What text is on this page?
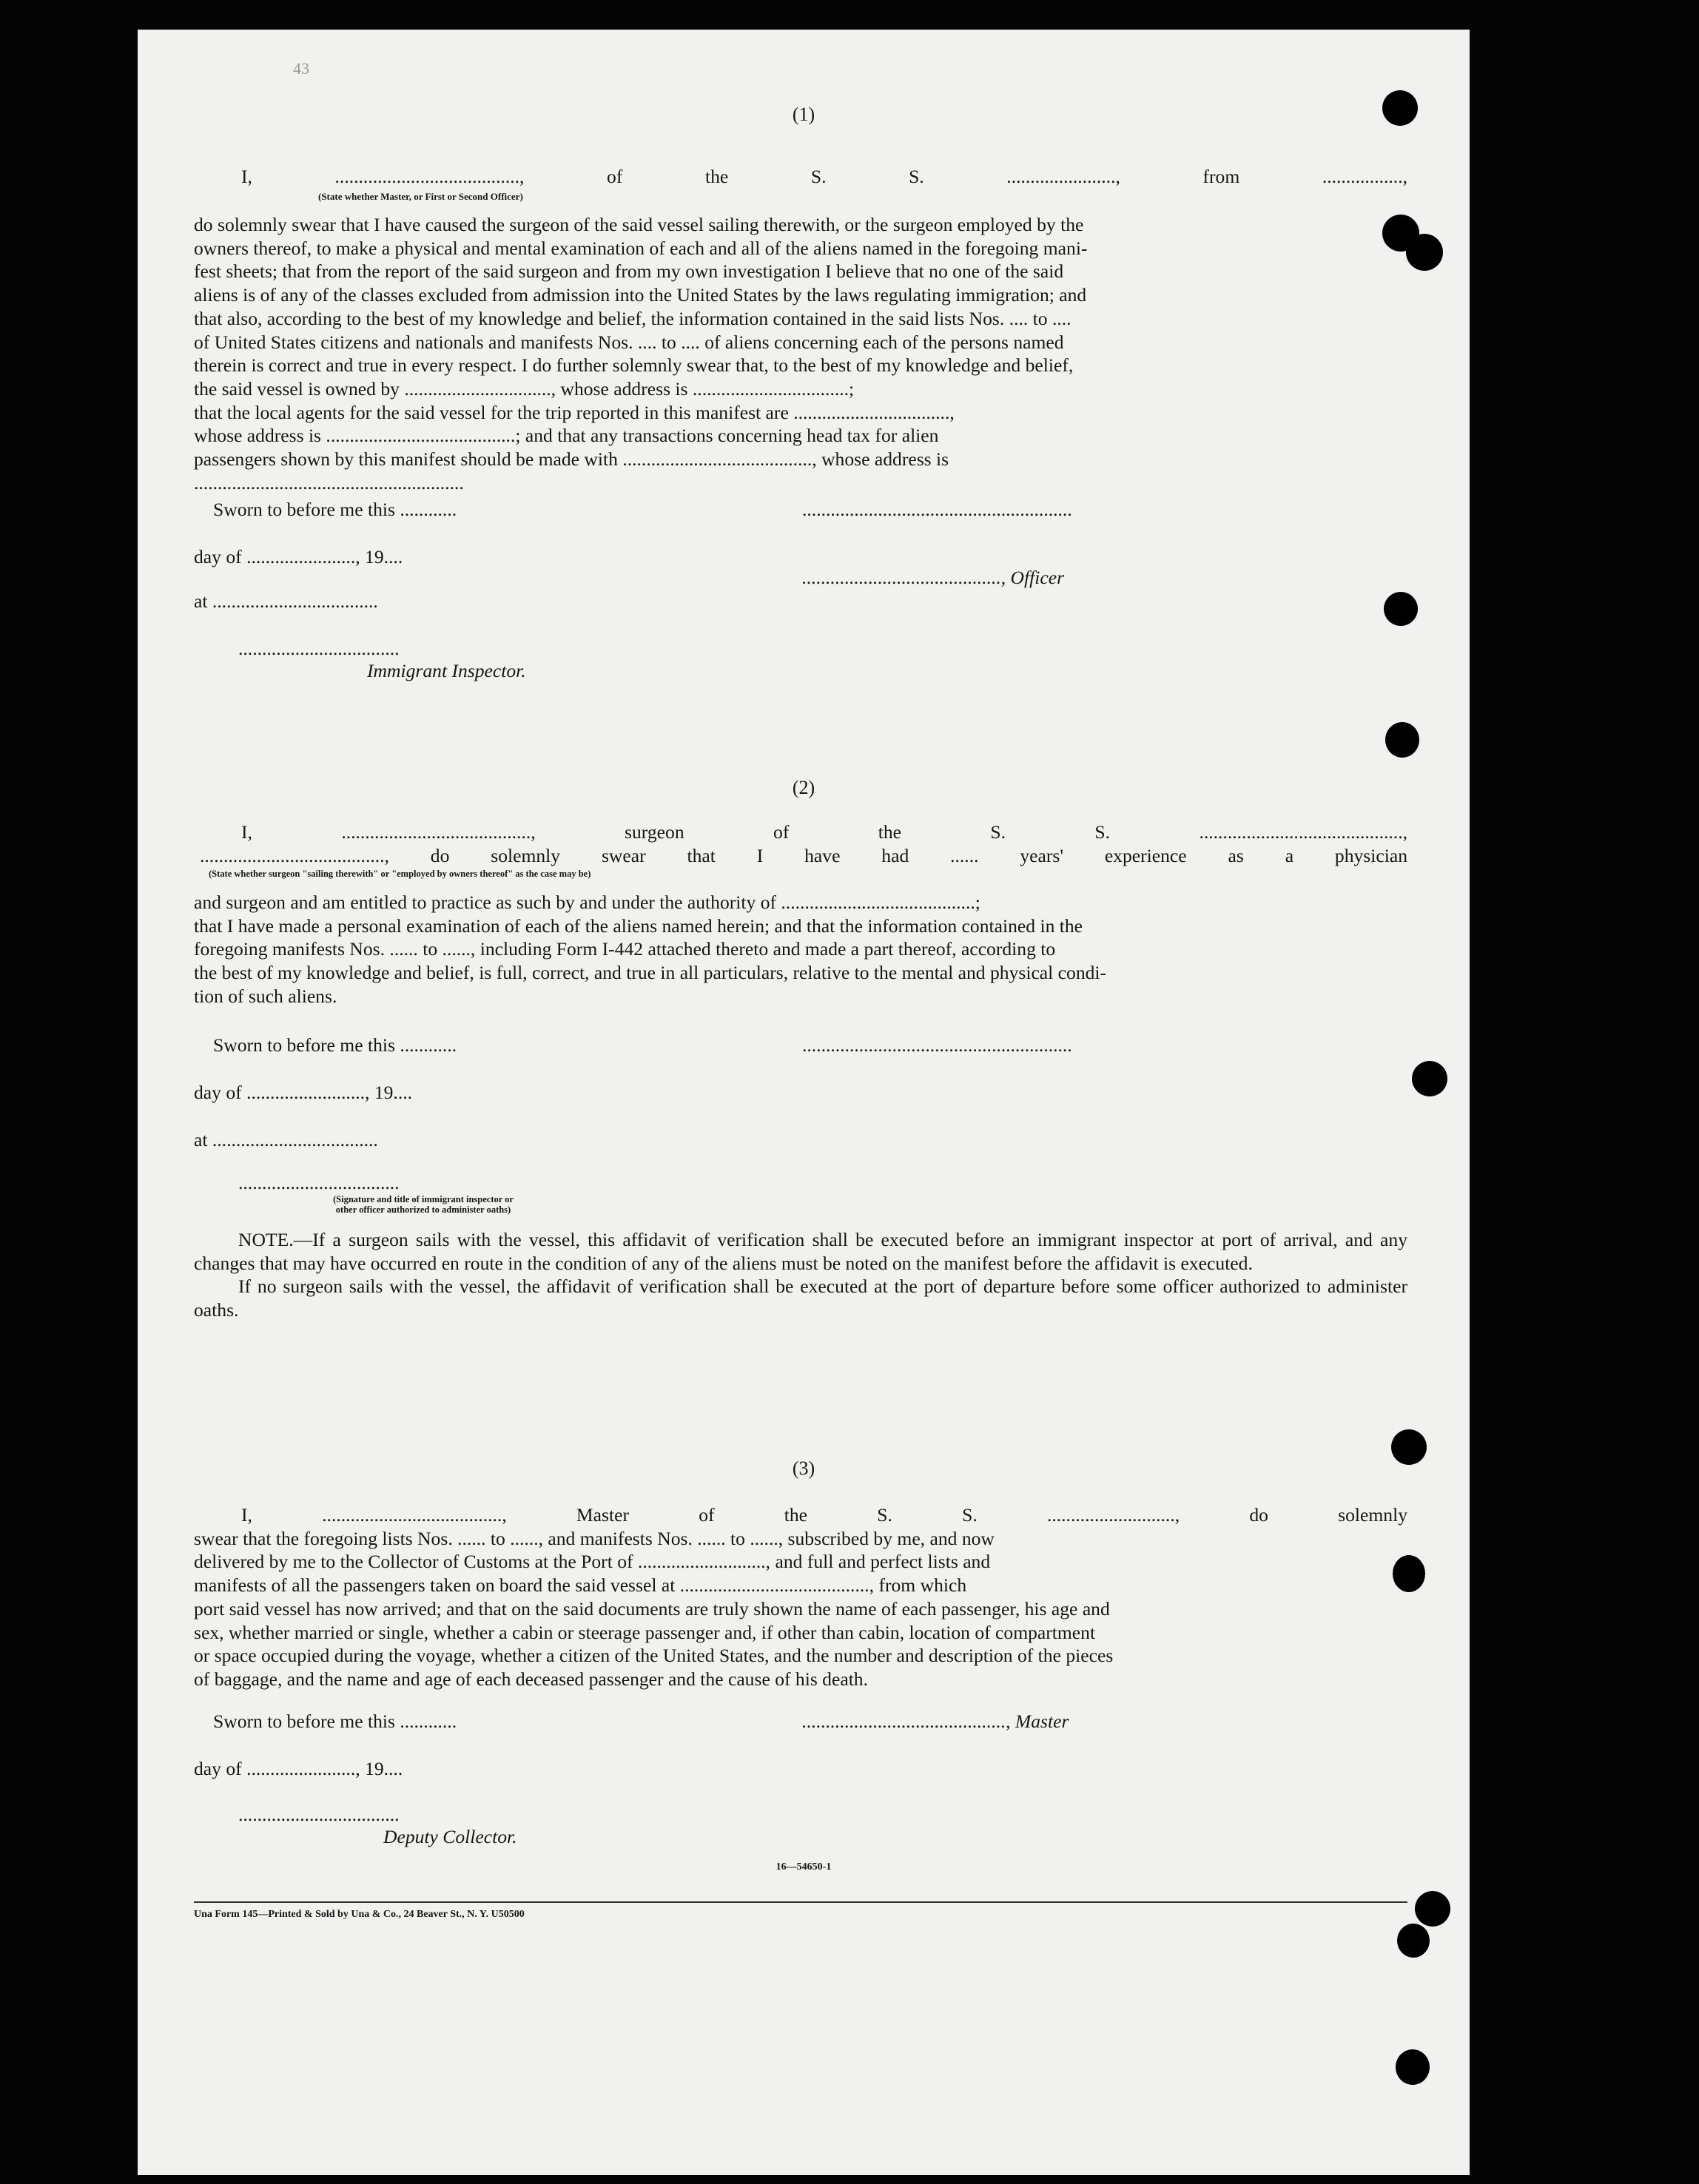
43
(1)
I, ......................................., of the S. S. ......................., from .................,
(State whether Master, or First or Second Officer)
do solemnly swear that I have caused the surgeon of the said vessel sailing therewith, or the surgeon employed by the
owners thereof, to make a physical and mental examination of each and all of the aliens named in the foregoing mani-
fest sheets; that from the report of the said surgeon and from my own investigation I believe that no one of the said
aliens is of any of the classes excluded from admission into the United States by the laws regulating immigration; and
that also, according to the best of my knowledge and belief, the information contained in the said lists Nos. .... to ....
of United States citizens and nationals and manifests Nos. .... to .... of aliens concerning each of the persons named
therein is correct and true in every respect. I do further solemnly swear that, to the best of my knowledge and belief,
the said vessel is owned by ..............................., whose address is .................................;
that the local agents for the said vessel for the trip reported in this manifest are .................................,
whose address is ........................................; and that any transactions concerning head tax for alien
passengers shown by this manifest should be made with ........................................, whose address is
.........................................................
Sworn to before me this ............	.........................................................
day of ......................., 19....
.........................................., Officer
at ...................................
..................................
Immigrant Inspector.
(2)
I, ........................................, surgeon of the S. S. ...........................................,
......................................., do solemnly swear that I have had ...... years' experience as a physician
(State whether surgeon "sailing therewith" or "employed by owners thereof" as the case may be)
and surgeon and am entitled to practice as such by and under the authority of .........................................;
that I have made a personal examination of each of the aliens named herein; and that the information contained in the
foregoing manifests Nos. ...... to ......, including Form I-442 attached thereto and made a part thereof, according to
the best of my knowledge and belief, is full, correct, and true in all particulars, relative to the mental and physical condi-
tion of such aliens.
Sworn to before me this ............	.........................................................
day of ........................., 19....
at ...................................
..................................
(Signature and title of immigrant inspector or
other officer authorized to administer oaths)

NOTE.—If a surgeon sails with the vessel, this affidavit of verification shall be executed before an immigrant inspector at port of arrival, and any changes that may have occurred en route in the condition of any of the aliens must be noted on the manifest before the affidavit is executed.

If no surgeon sails with the vessel, the affidavit of verification shall be executed at the port of departure before some officer authorized to administer oaths.

(3)
I, ......................................, Master of the S. S. ..........................., do solemnly
swear that the foregoing lists Nos. ...... to ......, and manifests Nos. ...... to ......, subscribed by me, and now
delivered by me to the Collector of Customs at the Port of ..........................., and full and perfect lists and
manifests of all the passengers taken on board the said vessel at ........................................, from which
port said vessel has now arrived; and that on the said documents are truly shown the name of each passenger, his age and
sex, whether married or single, whether a cabin or steerage passenger and, if other than cabin, location of compartment
or space occupied during the voyage, whether a citizen of the United States, and the number and description of the pieces
of baggage, and the name and age of each deceased passenger and the cause of his death.
Sworn to before me this ............	..........................................., Master
day of ......................., 19....
..................................
Deputy Collector.
16—54650-1
Una Form 145—Printed & Sold by Una & Co., 24 Beaver St., N. Y. U50500
